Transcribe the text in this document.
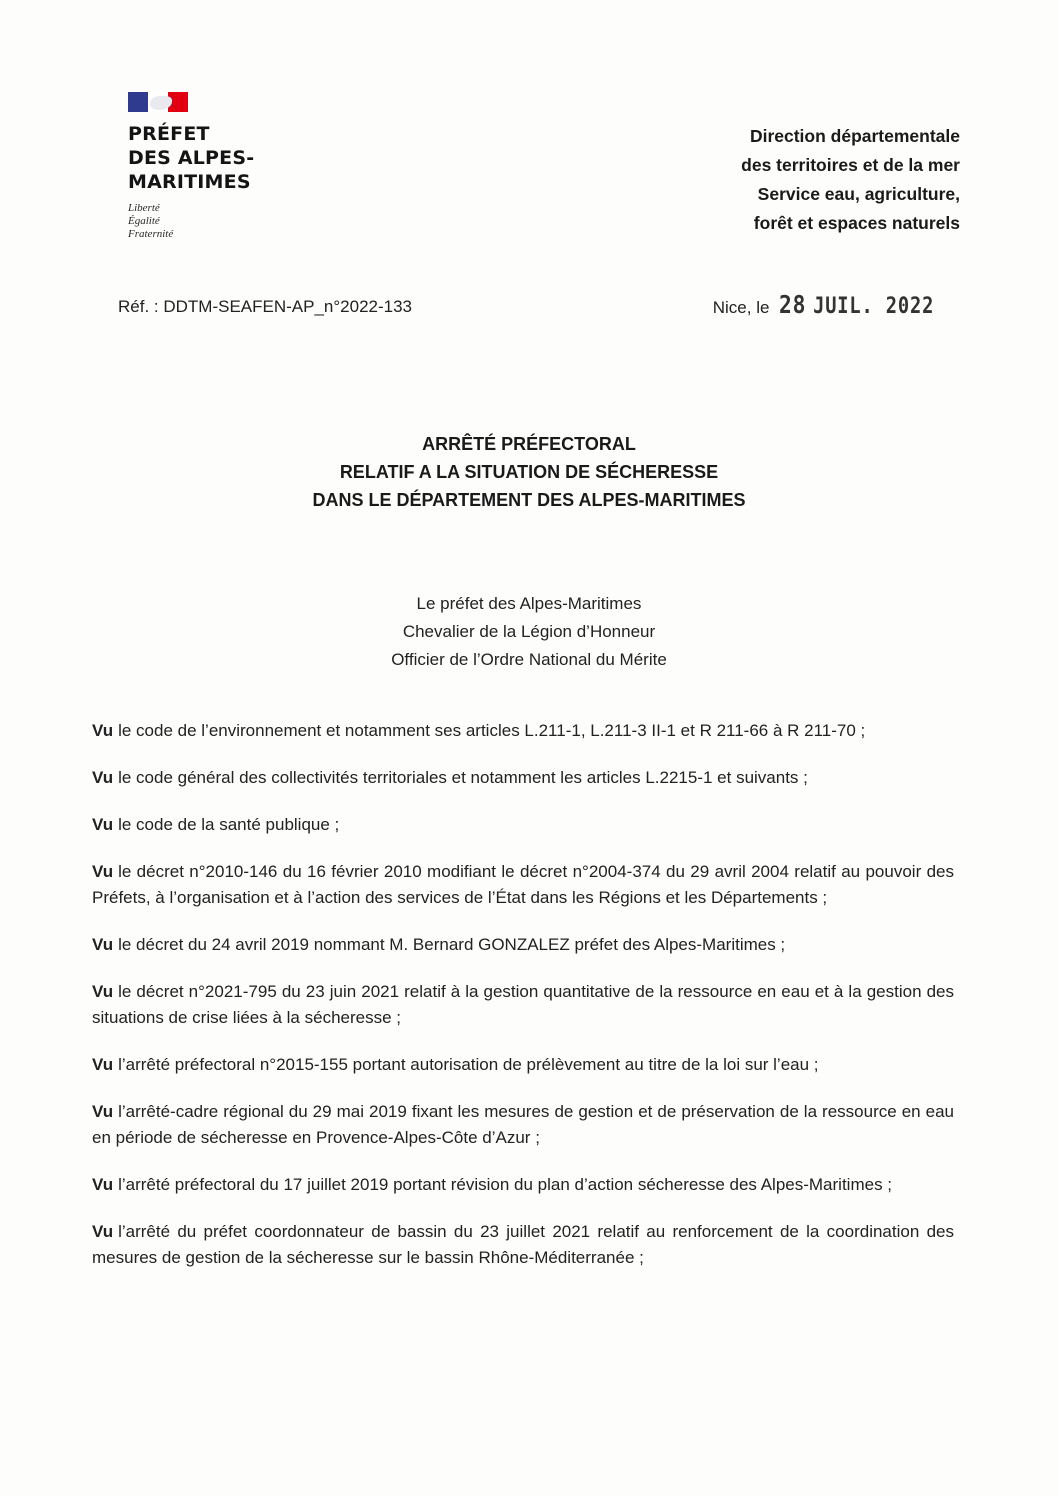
PRÉFET
DES ALPES-
MARITIMES
Liberté
Égalité
Fraternité
Direction départementale
des territoires et de la mer
Service eau, agriculture,
forêt et espaces naturels
Réf. : DDTM-SEAFEN-AP_n°2022-133	Nice, le 28 JUIL. 2022
ARRÊTÉ PRÉFECTORAL
RELATIF A LA SITUATION DE SÉCHERESSE
DANS LE DÉPARTEMENT DES ALPES-MARITIMES
Le préfet des Alpes-Maritimes
Chevalier de la Légion d’Honneur
Officier de l’Ordre National du Mérite

Vu le code de l’environnement et notamment ses articles L.211-1, L.211-3 II-1 et R 211-66 à R 211-70 ;

Vu le code général des collectivités territoriales et notamment les articles L.2215-1 et suivants ;

Vu le code de la santé publique ;

Vu le décret n°2010-146 du 16 février 2010 modifiant le décret n°2004-374 du 29 avril 2004 relatif au pouvoir des Préfets, à l’organisation et à l’action des services de l’État dans les Régions et les Départements ;

Vu le décret du 24 avril 2019 nommant M. Bernard GONZALEZ préfet des Alpes-Maritimes ;

Vu le décret n°2021-795 du 23 juin 2021 relatif à la gestion quantitative de la ressource en eau et à la gestion des situations de crise liées à la sécheresse ;

Vu l’arrêté préfectoral n°2015-155 portant autorisation de prélèvement au titre de la loi sur l’eau ;

Vu l’arrêté-cadre régional du 29 mai 2019 fixant les mesures de gestion et de préservation de la ressource en eau en période de sécheresse en Provence-Alpes-Côte d’Azur ;

Vu l’arrêté préfectoral du 17 juillet 2019 portant révision du plan d’action sécheresse des Alpes-Maritimes ;

Vu l’arrêté du préfet coordonnateur de bassin du 23 juillet 2021 relatif au renforcement de la coordination des mesures de gestion de la sécheresse sur le bassin Rhône-Méditerranée ;
